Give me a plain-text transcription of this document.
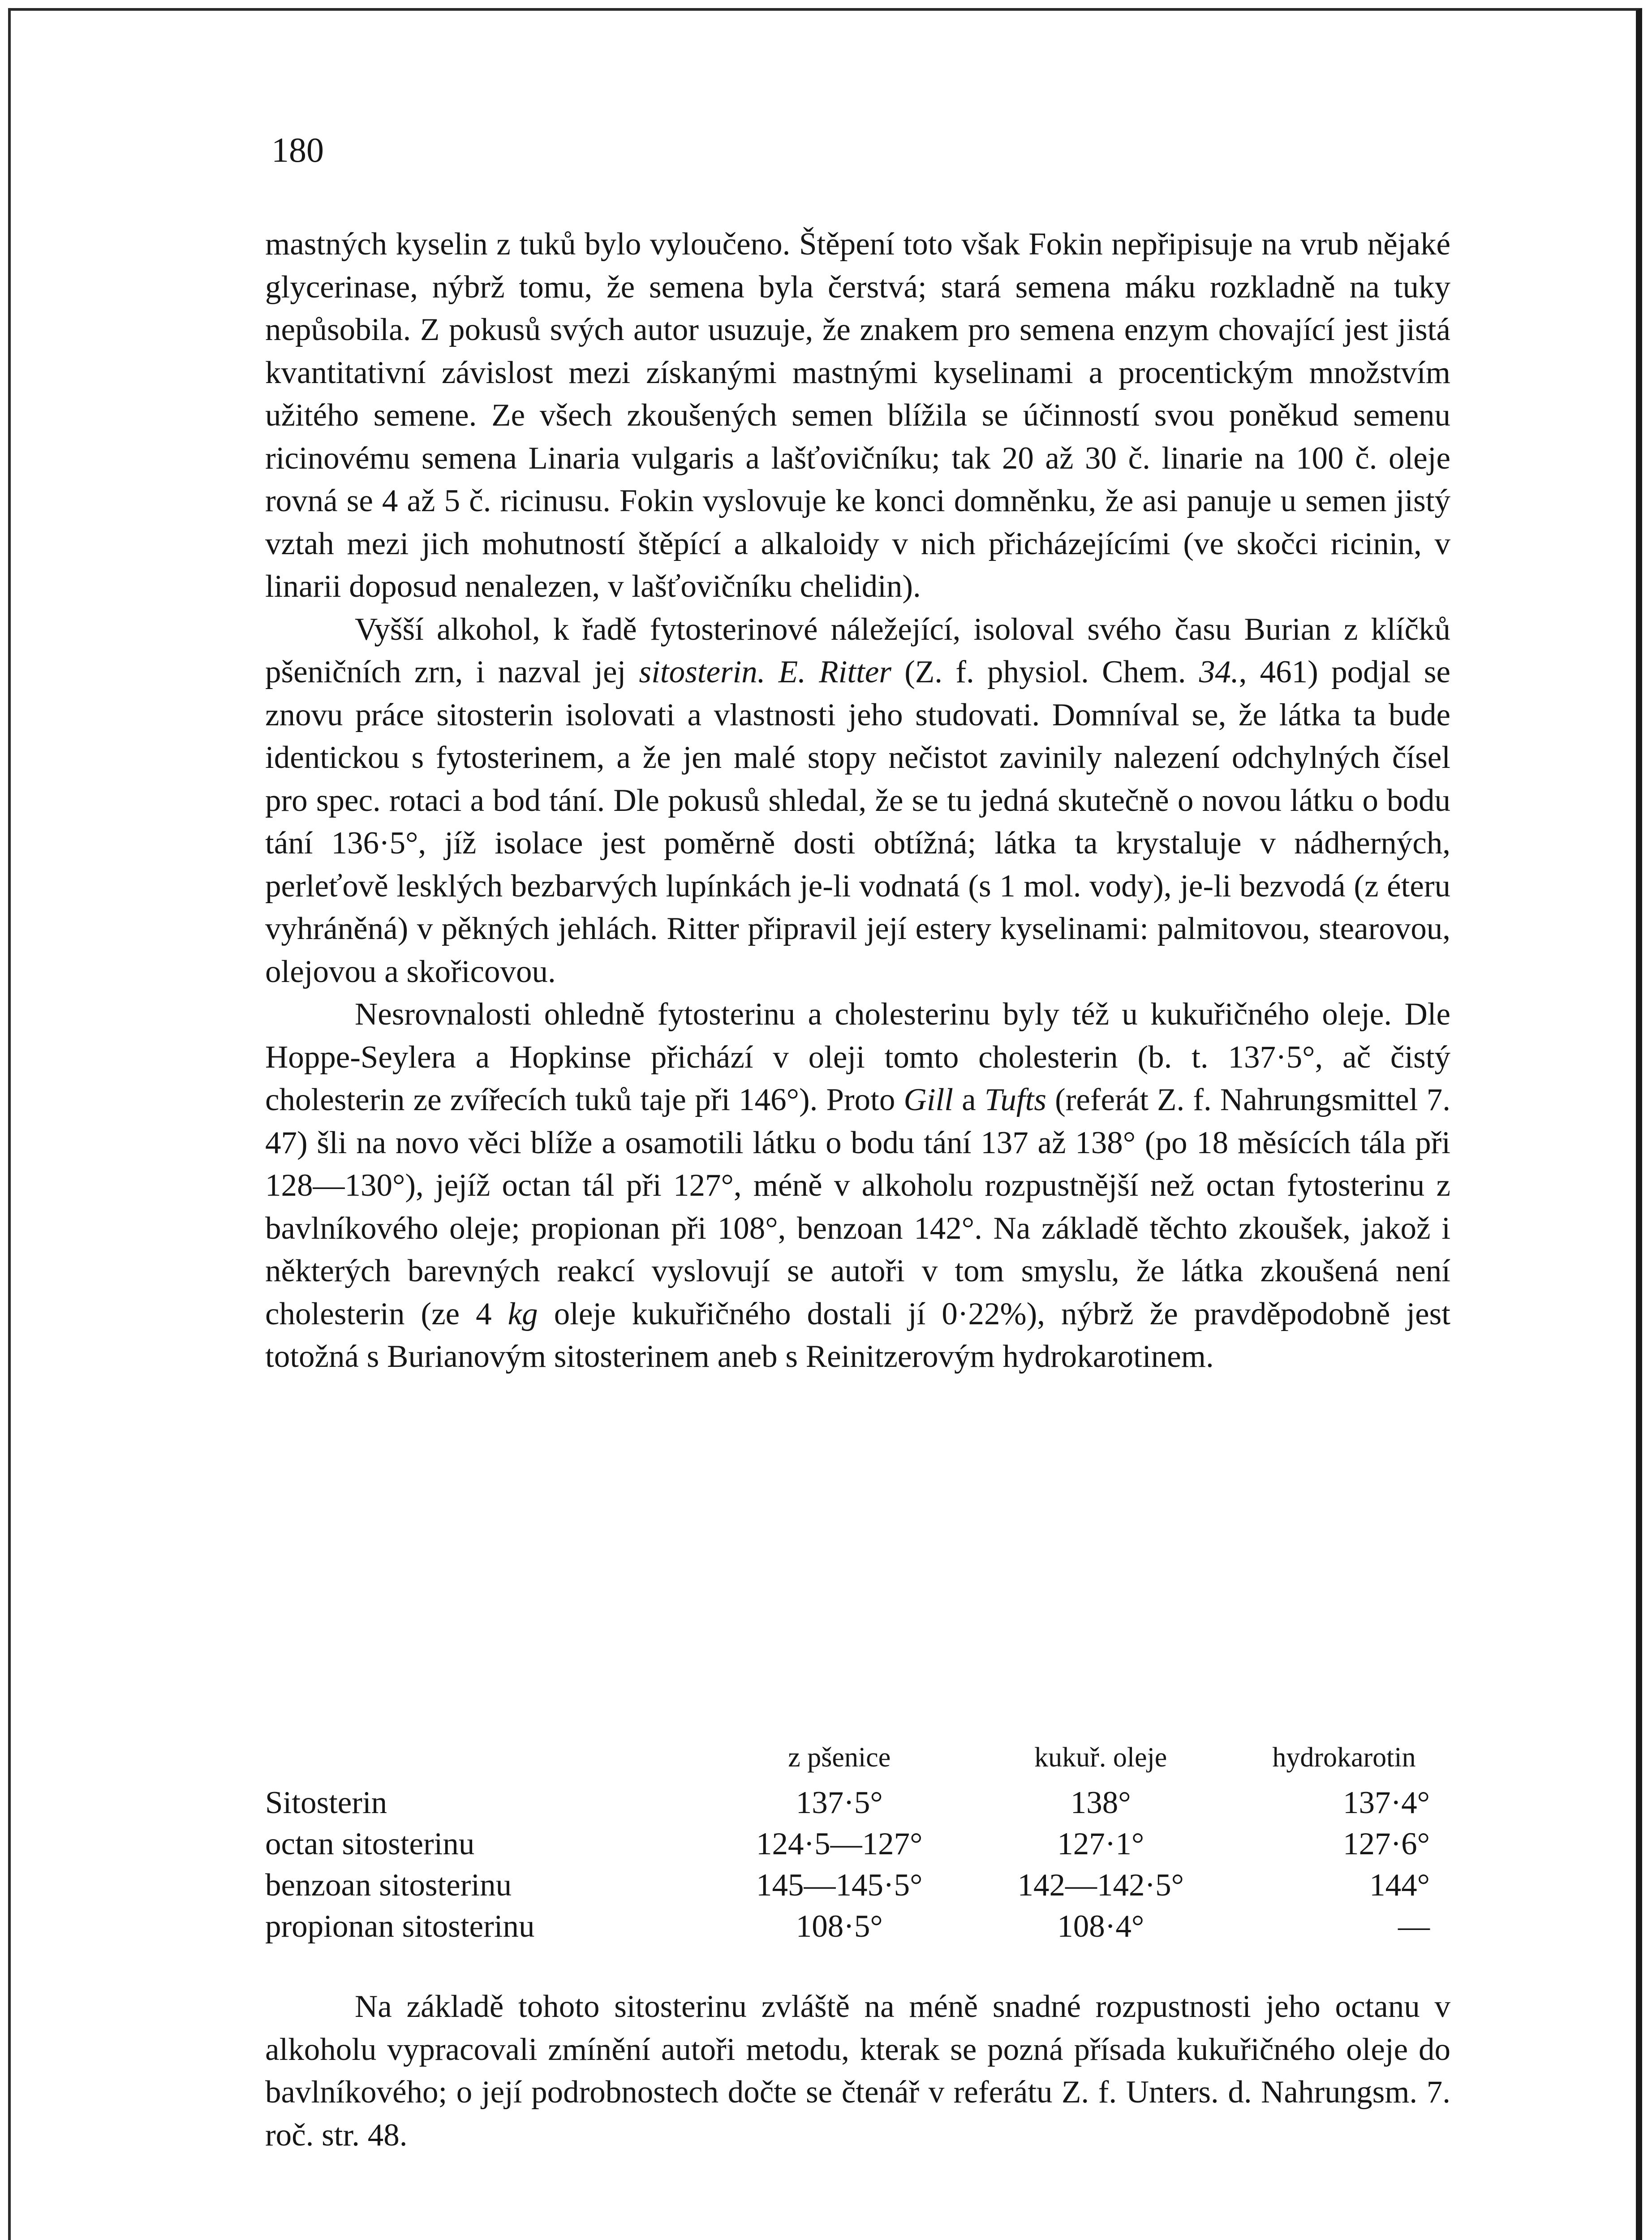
180

mastných kyselin z tuků bylo vyloučeno. Štěpení toto však Fokin nepřipisuje na vrub nějaké glycerinase, nýbrž tomu, že semena byla čerstvá; stará semena máku rozkladně na tuky nepůsobila. Z pokusů svých autor usuzuje, že znakem pro semena enzym chovající jest jistá kvantitativní závislost mezi získanými mastnými kyselinami a procentickým množstvím užitého semene. Ze všech zkoušených semen blížila se účinností svou poněkud semenu ricinovému semena Linaria vulgaris a lašťovičníku; tak 20 až 30 č. linarie na 100 č. oleje rovná se 4 až 5 č. ricinusu. Fokin vyslovuje ke konci domněnku, že asi panuje u semen jistý vztah mezi jich mohutností štěpící a alkaloidy v nich přicházejícími (ve skočci ricinin, v linarii doposud nenalezen, v lašťovičníku chelidin).

Vyšší alkohol, k řadě fytosterinové náležející, isoloval svého času Burian z klíčků pšeničních zrn, i nazval jej sitosterin. E. Ritter (Z. f. physiol. Chem. 34., 461) podjal se znovu práce sitosterin isolovati a vlastnosti jeho studovati. Domníval se, že látka ta bude identickou s fytosterinem, a že jen malé stopy nečistot zavinily nalezení odchylných čísel pro spec. rotaci a bod tání. Dle pokusů shledal, že se tu jedná skutečně o novou látku o bodu tání 136·5°, jíž isolace jest poměrně dosti obtížná; látka ta krystaluje v nádherných, perleťově lesklých bezbarvých lupínkách je-li vodnatá (s 1 mol. vody), je-li bezvodá (z éteru vyhráněná) v pěkných jehlách. Ritter připravil její estery kyselinami: palmitovou, stearovou, olejovou a skořicovou.

Nesrovnalosti ohledně fytosterinu a cholesterinu byly též u kukuřičného oleje. Dle Hoppe-Seylera a Hopkinse přichází v oleji tomto cholesterin (b. t. 137·5°, ač čistý cholesterin ze zvířecích tuků taje při 146°). Proto Gill a Tufts (referát Z. f. Nahrungsmittel 7. 47) šli na novo věci blíže a osamotili látku o bodu tání 137 až 138° (po 18 měsících tála při 128—130°), jejíž octan tál při 127°, méně v alkoholu rozpustnější než octan fytosterinu z bavlníkového oleje; propionan při 108°, benzoan 142°. Na základě těchto zkoušek, jakož i některých barevných reakcí vyslovují se autoři v tom smyslu, že látka zkoušená není cholesterin (ze 4 kg oleje kukuřičného dostali jí 0·22%), nýbrž že pravděpodobně jest totožná s Burianovým sitosterinem aneb s Reinitzerovým hydrokarotinem.

	z pšenice	kukuř. oleje	hydrokarotin
Sitosterin	137·5°	138°	137·4°
octan sitosterinu	124·5—127°	127·1°	127·6°
benzoan sitosterinu	145—145·5°	142—142·5°	144°
propionan sitosterinu	108·5°	108·4°	—

Na základě tohoto sitosterinu zvláště na méně snadné rozpustnosti jeho octanu v alkoholu vypracovali zmínění autoři metodu, kterak se pozná přísada kukuřičného oleje do bavlníkového; o její podrobnostech dočte se čtenář v referátu Z. f. Unters. d. Nahrungsm. 7. roč. str. 48.
